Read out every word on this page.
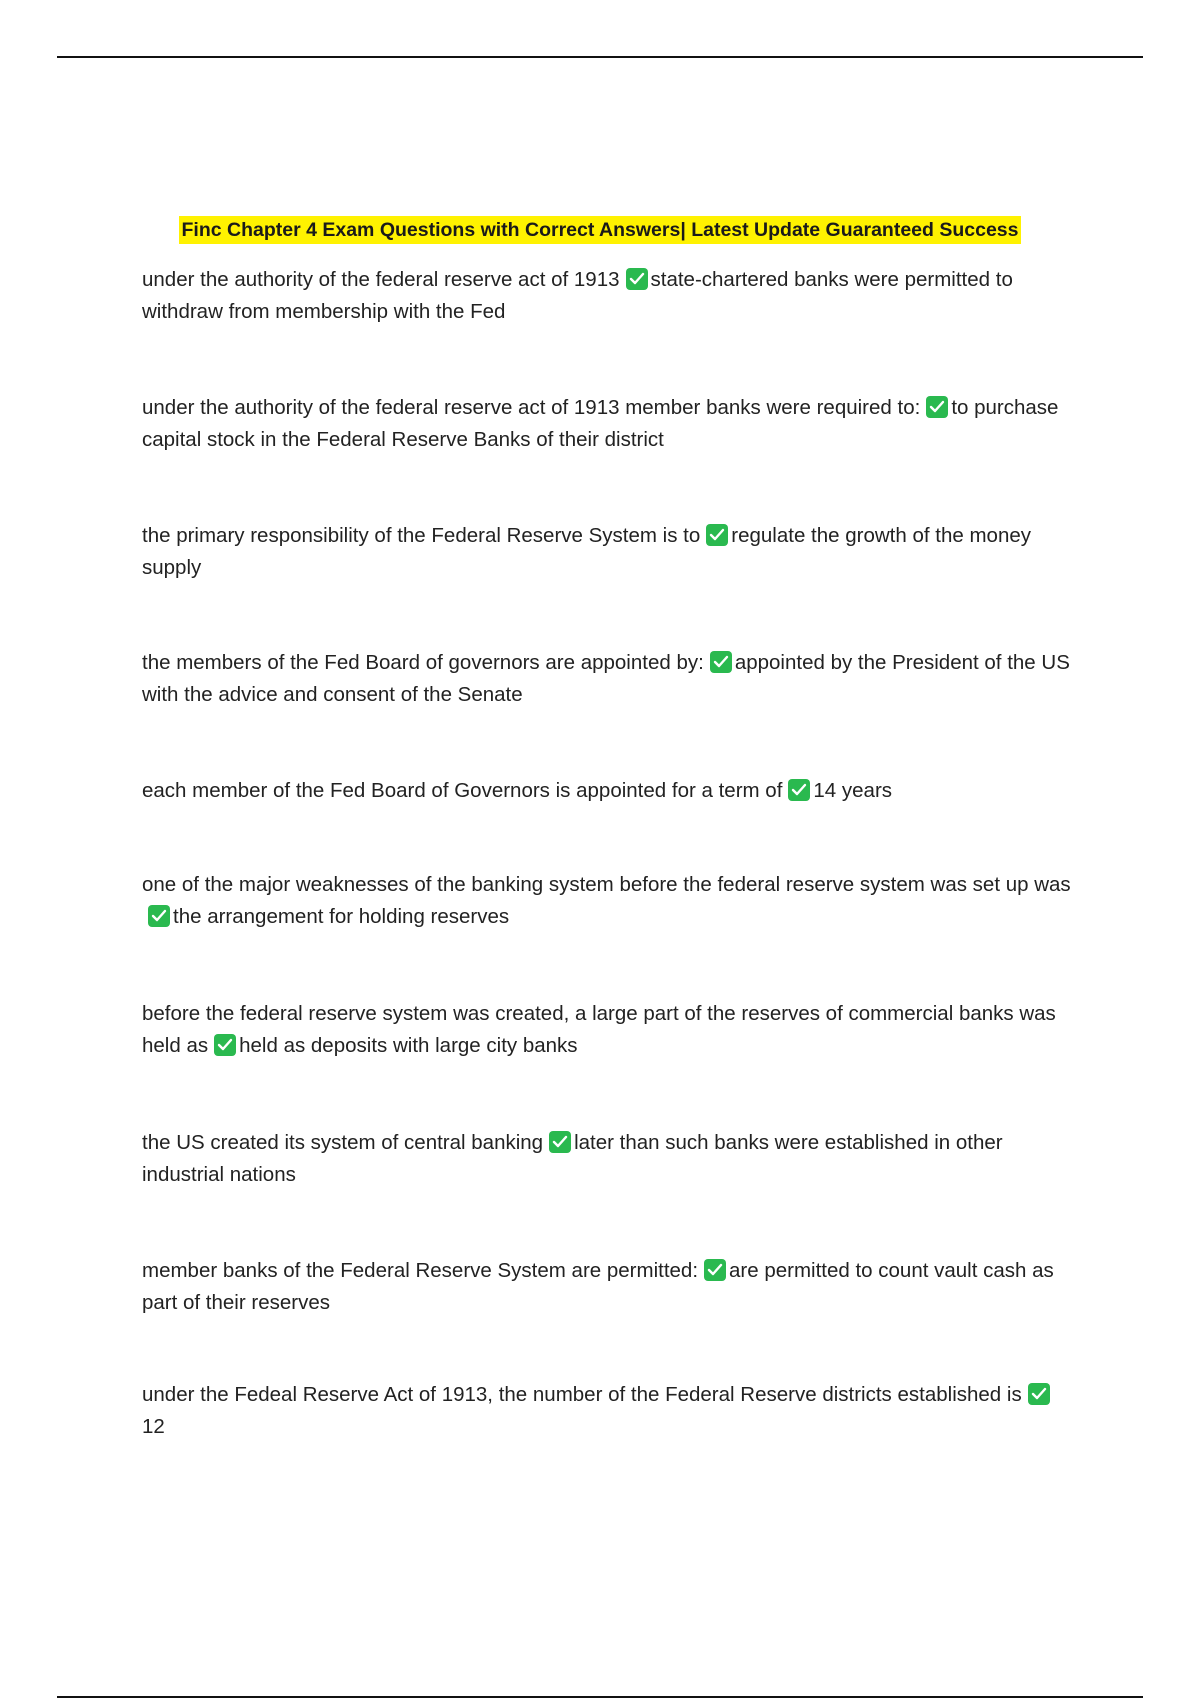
Finc Chapter 4 Exam Questions with Correct Answers| Latest Update Guaranteed Success
under the authority of the federal reserve act of 1913 state-chartered banks were permitted to withdraw from membership with the Fed
under the authority of the federal reserve act of 1913 member banks were required to: to purchase capital stock in the Federal Reserve Banks of their district
the primary responsibility of the Federal Reserve System is to regulate the growth of the money supply
the members of the Fed Board of governors are appointed by: appointed by the President of the US with the advice and consent of the Senate
each member of the Fed Board of Governors is appointed for a term of 14 years
one of the major weaknesses of the banking system before the federal reserve system was set up was
the arrangement for holding reserves
before the federal reserve system was created, a large part of the reserves of commercial banks was held as held as deposits with large city banks
the US created its system of central banking later than such banks were established in other industrial nations
member banks of the Federal Reserve System are permitted: are permitted to count vault cash as part of their reserves
under the Fedeal Reserve Act of 1913, the number of the Federal Reserve districts established is
12
